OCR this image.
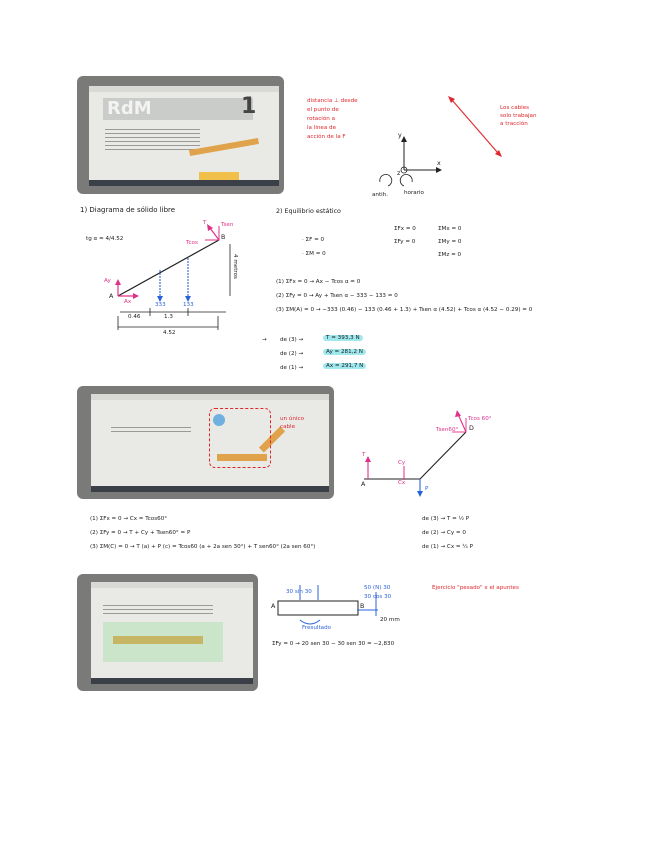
RdM	1	distancia ⊥ desde
el punto de
rotación a
la linea de
acción de la F	y
x
z
horario
antih.
Los cables
solo trabajan
a tracción
1) Diagrama de sólido libre
tg α = 4/4.52
A
B
T	Tsen
Tcos
Ay
Ax	333	133
0.46	1.3
4.52
4 metros
2) Equilibrio estático
· ΣF = 0
· ΣM = 0
ΣFx = 0
ΣFy = 0
ΣMx = 0
ΣMy = 0
ΣMz = 0
(1) ΣFx = 0 → Ax − Tcos α = 0
(2) ΣFy = 0 → Ay + Tsen α − 333 − 133 = 0
(3) ΣM(A) = 0 → −333 (0.46) − 133 (0.46 + 1.3) + Tsen α (4.52) + Tcos α (4.52 − 0.29) = 0
→ de (3) →	T = 393,3 N
de (2) →	Ay = 281,2 N
de (1) →	Ax = 291,7 N
un único
cable
A
D
T
Cy
Cx
P
Tcos 60°
Tsen60°
(1) ΣFx = 0 → Cx = Tcos60°
(2) ΣFy = 0 → T + Cy + Tsen60° = P
(3) ΣM(C) = 0 → T (a) + P (c) = Tcos60 (a + 2a sen 30°) + T sen60° (2a sen 60°)
de (3) → T = ½ P
de (2) → Cy = 0
de (1) → Cx = ¼ P
Ejercicio "pesado" x el apuntes
A	B
30 sin 30
50 (N) 30
30 cos 30
20 mm
Fresultado
ΣFy = 0 → 20 sen 30 − 30 sen 30 = −2,830
